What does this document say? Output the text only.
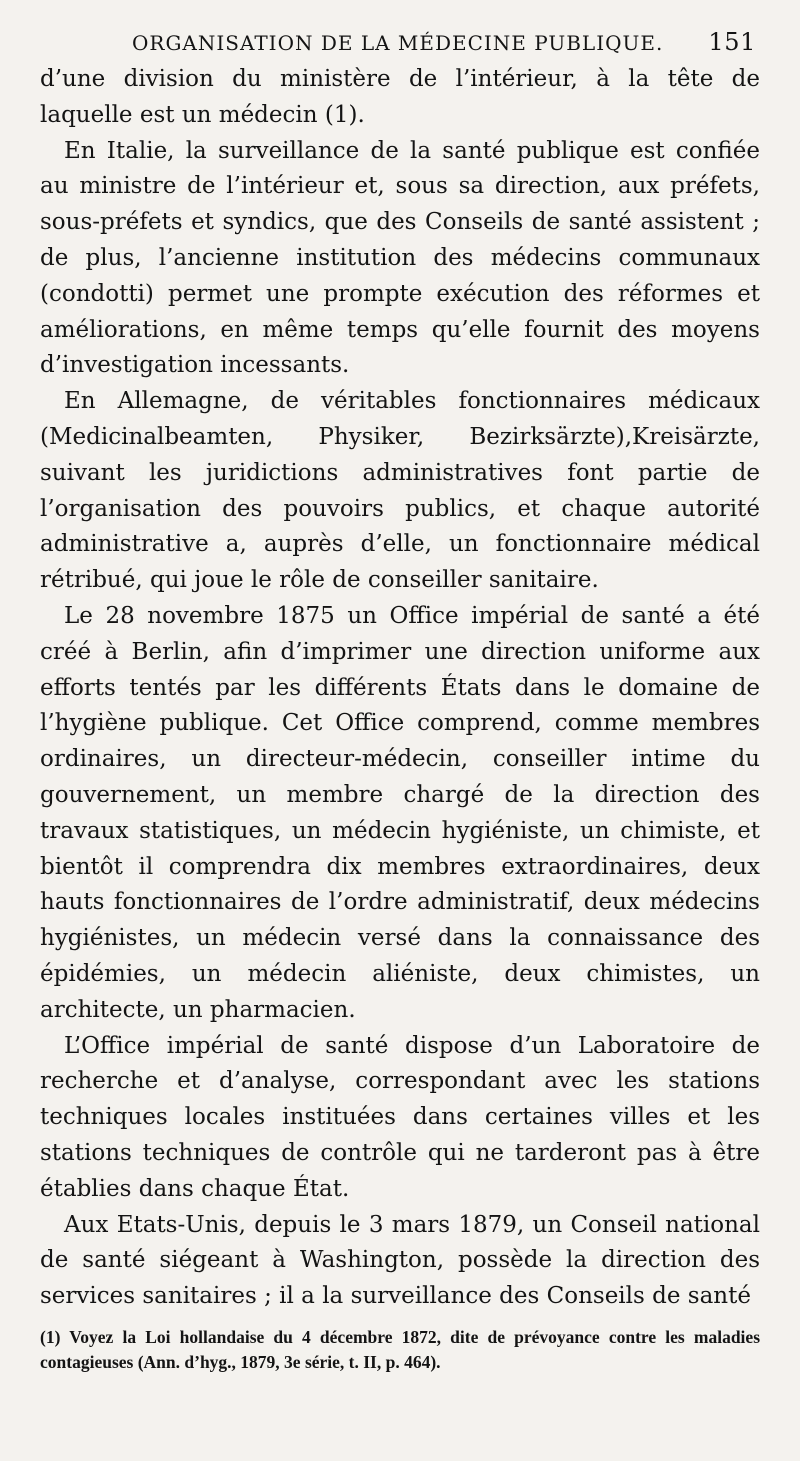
ORGANISATION DE LA MÉDECINE PUBLIQUE. 151

d’une division du ministère de l’intérieur, à la tête de laquelle est un médecin (1).

En Italie, la surveillance de la santé publique est confiée au ministre de l’intérieur et, sous sa direction, aux préfets, sous-préfets et syndics, que des Conseils de santé assistent ; de plus, l’ancienne institution des médecins communaux (condotti) permet une prompte exécution des réformes et améliorations, en même temps qu’elle fournit des moyens d’investigation incessants.

En Allemagne, de véritables fonctionnaires médicaux (Medicinalbeamten, Physiker, Bezirksärzte),Kreisärzte, suivant les juridictions administratives font partie de l’organisation des pouvoirs publics, et chaque autorité administrative a, auprès d’elle, un fonctionnaire médical rétribué, qui joue le rôle de conseiller sanitaire.

Le 28 novembre 1875 un Office impérial de santé a été créé à Berlin, afin d’imprimer une direction uniforme aux efforts tentés par les différents États dans le domaine de l’hygiène publique. Cet Office comprend, comme membres ordinaires, un directeur-médecin, conseiller intime du gouvernement, un membre chargé de la direction des travaux statistiques, un médecin hygiéniste, un chimiste, et bientôt il comprendra dix membres extraordinaires, deux hauts fonctionnaires de l’ordre administratif, deux médecins hygiénistes, un médecin versé dans la connaissance des épidémies, un médecin aliéniste, deux chimistes, un architecte, un pharmacien.

L’Office impérial de santé dispose d’un Laboratoire de recherche et d’analyse, correspondant avec les stations techniques locales instituées dans certaines villes et les stations techniques de contrôle qui ne tarderont pas à être établies dans chaque État.

Aux Etats-Unis, depuis le 3 mars 1879, un Conseil national de santé siégeant à Washington, possède la direction des services sanitaires ; il a la surveillance des Conseils de santé

(1) Voyez la Loi hollandaise du 4 décembre 1872, dite de prévoyance contre les maladies contagieuses (Ann. d’hyg., 1879, 3e série, t. II, p. 464).
